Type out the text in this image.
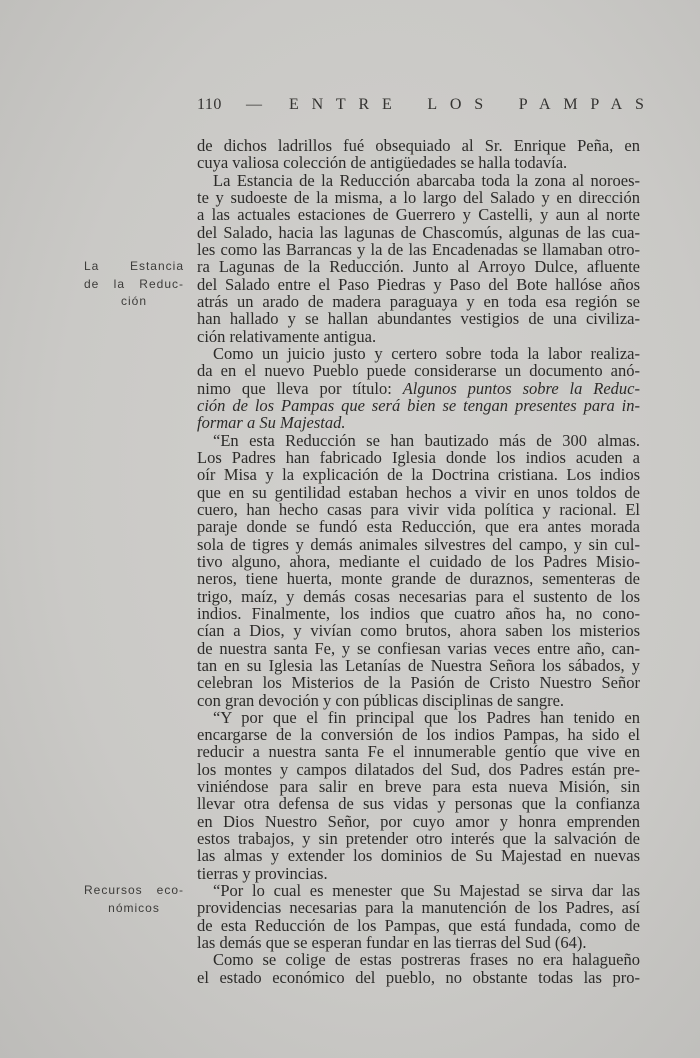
110 — ENTRE LOS PAMPAS
La Estancia
de la Reduc-
ción
Recursos eco-
nómicos
de dichos ladrillos fué obsequiado al Sr. Enrique Peña, en
cuya valiosa colección de antigüedades se halla todavía.
La Estancia de la Reducción abarcaba toda la zona al noroes-
te y sudoeste de la misma, a lo largo del Salado y en dirección
a las actuales estaciones de Guerrero y Castelli, y aun al norte
del Salado, hacia las lagunas de Chascomús, algunas de las cua-
les como las Barrancas y la de las Encadenadas se llamaban otro-
ra Lagunas de la Reducción. Junto al Arroyo Dulce, afluente
del Salado entre el Paso Piedras y Paso del Bote hallóse años
atrás un arado de madera paraguaya y en toda esa región se
han hallado y se hallan abundantes vestigios de una civiliza-
ción relativamente antigua.
Como un juicio justo y certero sobre toda la labor realiza-
da en el nuevo Pueblo puede considerarse un documento anó-
nimo que lleva por título: Algunos puntos sobre la Reduc-
ción de los Pampas que será bien se tengan presentes para in-
formar a Su Majestad.
“En esta Reducción se han bautizado más de 300 almas.
Los Padres han fabricado Iglesia donde los indios acuden a
oír Misa y la explicación de la Doctrina cristiana. Los indios
que en su gentilidad estaban hechos a vivir en unos toldos de
cuero, han hecho casas para vivir vida política y racional. El
paraje donde se fundó esta Reducción, que era antes morada
sola de tigres y demás animales silvestres del campo, y sin cul-
tivo alguno, ahora, mediante el cuidado de los Padres Misio-
neros, tiene huerta, monte grande de duraznos, sementeras de
trigo, maíz, y demás cosas necesarias para el sustento de los
indios. Finalmente, los indios que cuatro años ha, no cono-
cían a Dios, y vivían como brutos, ahora saben los misterios
de nuestra santa Fe, y se confiesan varias veces entre año, can-
tan en su Iglesia las Letanías de Nuestra Señora los sábados, y
celebran los Misterios de la Pasión de Cristo Nuestro Señor
con gran devoción y con públicas disciplinas de sangre.
“Y por que el fin principal que los Padres han tenido en
encargarse de la conversión de los indios Pampas, ha sido el
reducir a nuestra santa Fe el innumerable gentío que vive en
los montes y campos dilatados del Sud, dos Padres están pre-
viniéndose para salir en breve para esta nueva Misión, sin
llevar otra defensa de sus vidas y personas que la confianza
en Dios Nuestro Señor, por cuyo amor y honra emprenden
estos trabajos, y sin pretender otro interés que la salvación de
las almas y extender los dominios de Su Majestad en nuevas
tierras y provincias.
“Por lo cual es menester que Su Majestad se sirva dar las
providencias necesarias para la manutención de los Padres, así
de esta Reducción de los Pampas, que está fundada, como de
las demás que se esperan fundar en las tierras del Sud (64).
Como se colige de estas postreras frases no era halagueño
el estado económico del pueblo, no obstante todas las pro-
